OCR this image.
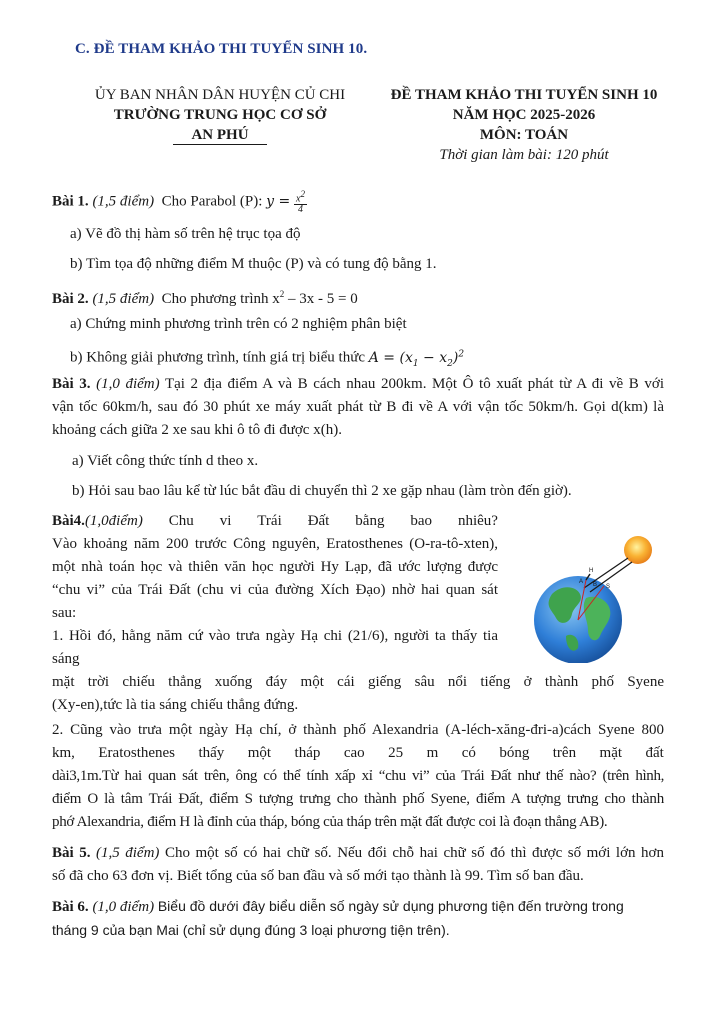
C. ĐỀ THAM KHẢO THI TUYỂN SINH 10.
ỦY BAN NHÂN DÂN HUYỆN CỦ CHI
TRƯỜNG TRUNG HỌC CƠ SỞ
AN PHÚ
ĐỀ THAM KHẢO THI TUYỂN SINH 10
NĂM HỌC 2025-2026
MÔN: TOÁN
Thời gian làm bài: 120 phút
Bài 1. (1,5 điểm) Cho Parabol (P): $y = \frac{x^2}{4}$
a) Vẽ đồ thị hàm số trên hệ trục tọa độ
b) Tìm tọa độ những điểm M thuộc (P) và có tung độ bằng 1.
Bài 2. (1,5 điểm) Cho phương trình $x^2 - 3x - 5 = 0$
a) Chứng minh phương trình trên có 2 nghiệm phân biệt
b) Không giải phương trình, tính giá trị biểu thức $A = (x_1 - x_2)^2$
Bài 3. (1,0 điểm) Tại 2 địa điểm A và B cách nhau 200km. Một Ô tô xuất phát từ A đi về B với
vận tốc 60km/h, sau đó 30 phút xe máy xuất phát từ B đi về A với vận tốc 50km/h. Gọi d(km) là
khoảng cách giữa 2 xe sau khi ô tô đi được x(h).
a) Viết công thức tính d theo x.
b) Hỏi sau bao lâu kể từ lúc bắt đầu di chuyển thì 2 xe gặp nhau (làm tròn đến giờ).
Bài4.(1,0điểm) Chu vi Trái Đất bằng bao nhiêu?
Vào khoảng năm 200 trước Công nguyên, Eratosthenes (O-ra-tô-xten),
một nhà toán học và thiên văn học người Hy Lạp, đã ước lượng được
“chu vi” của Trái Đất (chu vi của đường Xích Đạo) nhờ hai quan sát
sau:
1. Hồi đó, hằng năm cứ vào trưa ngày Hạ chi (21/6), người ta thấy tia
sáng
mặt trời chiếu thẳng xuống đáy một cái giếng sâu nổi tiếng ở thành phố Syene
(Xy-en),tức là tia sáng chiếu thẳng đứng.
H
A B S
2. Cũng vào trưa một ngày Hạ chí, ở thành phố Alexandria (A-léch-xăng-đri-a)cách Syene 800
km, Eratosthenes thấy một tháp cao 25 m có bóng trên mặt đất
dài3,1m.Từ hai quan sát trên, ông có thể tính xấp xỉ “chu vi” của Trái Đất như thế nào? (trên hình,
điểm O là tâm Trái Đất, điểm S tượng trưng cho thành phố Syene, điểm A tượng trưng cho thành
phớ Alexandria, điểm H là đỉnh của tháp, bóng của tháp trên mặt đất được coi là đoạn thẳng AB).
Bài 5. (1,5 điểm) Cho một số có hai chữ số. Nếu đổi chỗ hai chữ số đó thì được số mới lớn hơn
số đã cho 63 đơn vị. Biết tổng của số ban đầu và số mới tạo thành là 99. Tìm số ban đầu.
Bài 6. (1,0 điểm) Biểu đồ dưới đây biểu diễn số ngày sử dụng phương tiện đến trường trong
tháng 9 của bạn Mai (chỉ sử dụng đúng 3 loại phương tiện trên).
